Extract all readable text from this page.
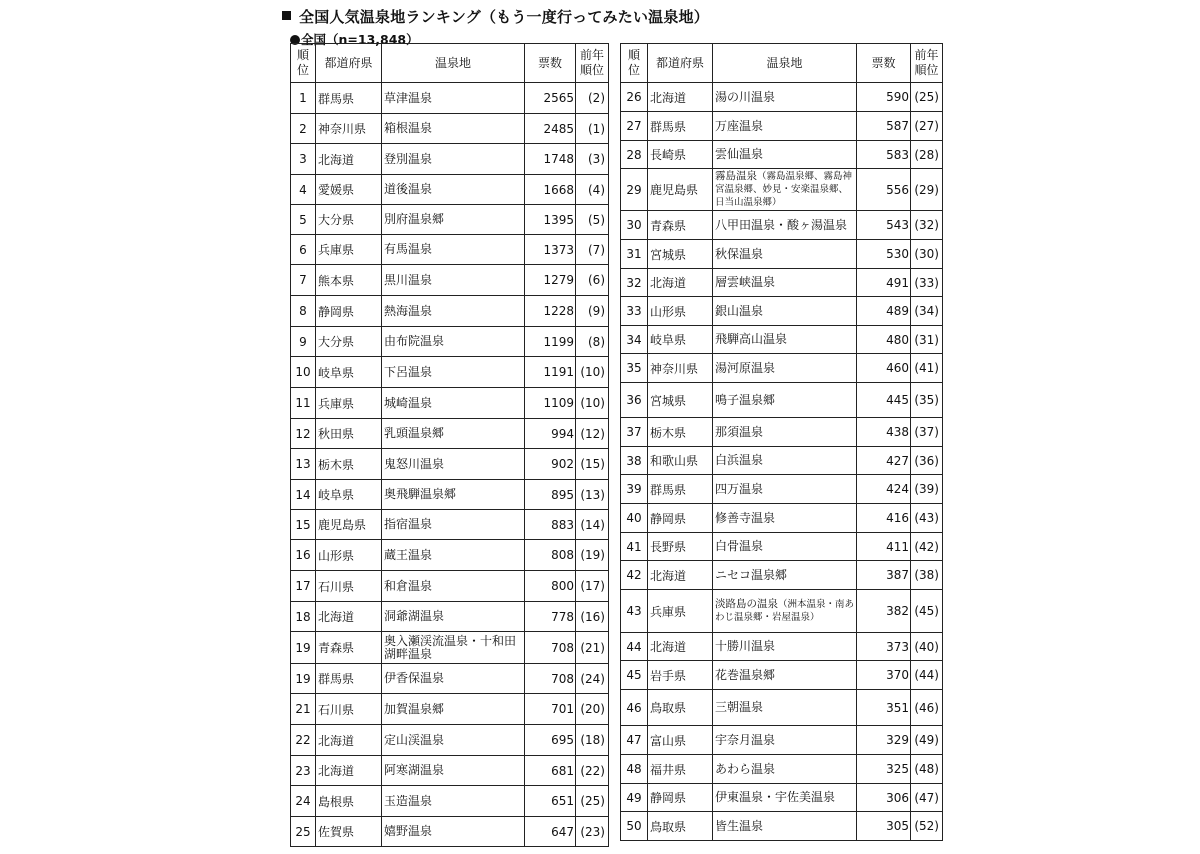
全国人気温泉地ランキング（もう一度行ってみたい温泉地）
全国（n=13,848）
順位	都道府県	温泉地	票数	前年順位
1	群馬県	草津温泉	2565	(2)
2	神奈川県	箱根温泉	2485	(1)
3	北海道	登別温泉	1748	(3)
4	愛媛県	道後温泉	1668	(4)
5	大分県	別府温泉郷	1395	(5)
6	兵庫県	有馬温泉	1373	(7)
7	熊本県	黒川温泉	1279	(6)
8	静岡県	熱海温泉	1228	(9)
9	大分県	由布院温泉	1199	(8)
10	岐阜県	下呂温泉	1191	(10)
11	兵庫県	城崎温泉	1109	(10)
12	秋田県	乳頭温泉郷	994	(12)
13	栃木県	鬼怒川温泉	902	(15)
14	岐阜県	奥飛騨温泉郷	895	(13)
15	鹿児島県	指宿温泉	883	(14)
16	山形県	蔵王温泉	808	(19)
17	石川県	和倉温泉	800	(17)
18	北海道	洞爺湖温泉	778	(16)
19	青森県	奥入瀬渓流温泉・十和田湖畔温泉	708	(21)
19	群馬県	伊香保温泉	708	(24)
21	石川県	加賀温泉郷	701	(20)
22	北海道	定山渓温泉	695	(18)
23	北海道	阿寒湖温泉	681	(22)
24	島根県	玉造温泉	651	(25)
25	佐賀県	嬉野温泉	647	(23)
順位	都道府県	温泉地	票数	前年順位
26	北海道	湯の川温泉	590	(25)
27	群馬県	万座温泉	587	(27)
28	長崎県	雲仙温泉	583	(28)
29	鹿児島県	霧島温泉（霧島温泉郷、霧島神宮温泉郷、妙見・安楽温泉郷、日当山温泉郷）	556	(29)
30	青森県	八甲田温泉・酸ヶ湯温泉	543	(32)
31	宮城県	秋保温泉	530	(30)
32	北海道	層雲峡温泉	491	(33)
33	山形県	銀山温泉	489	(34)
34	岐阜県	飛騨高山温泉	480	(31)
35	神奈川県	湯河原温泉	460	(41)
36	宮城県	鳴子温泉郷	445	(35)
37	栃木県	那須温泉	438	(37)
38	和歌山県	白浜温泉	427	(36)
39	群馬県	四万温泉	424	(39)
40	静岡県	修善寺温泉	416	(43)
41	長野県	白骨温泉	411	(42)
42	北海道	ニセコ温泉郷	387	(38)
43	兵庫県	淡路島の温泉（洲本温泉・南あわじ温泉郷・岩屋温泉）	382	(45)
44	北海道	十勝川温泉	373	(40)
45	岩手県	花巻温泉郷	370	(44)
46	鳥取県	三朝温泉	351	(46)
47	富山県	宇奈月温泉	329	(49)
48	福井県	あわら温泉	325	(48)
49	静岡県	伊東温泉・宇佐美温泉	306	(47)
50	鳥取県	皆生温泉	305	(52)
